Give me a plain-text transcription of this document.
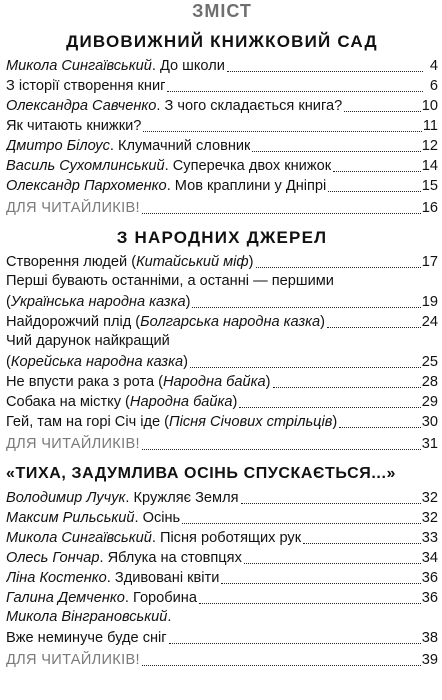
ЗМІСТ
ДИВОВИЖНИЙ КНИЖКОВИЙ САД
Микола Сингаївський. До школи	4
З історії створення книг	6
Олександра Савченко. З чого складається книга?	10
Як читають книжки?	11
Дмитро Білоус. Клумачний словник	12
Василь Сухомлинський. Суперечка двох книжок	14
Олександр Пархоменко. Мов краплини у Дніпрі	15
ДЛЯ ЧИТАЙЛИКІВ!	16
З НАРОДНИХ ДЖЕРЕЛ
Створення людей (Китайський міф)	17
Перші бувають останніми, а останні — першими
(Українська народна казка)	19
Найдорожчий плід (Болгарська народна казка)	24
Чий дарунок найкращий
(Корейська народна казка)	25
Не впусти рака з рота (Народна байка)	28
Собака на містку (Народна байка)	29
Гей, там на горі Січ іде (Пісня Січових стрільців)	30
ДЛЯ ЧИТАЙЛИКІВ!	31
«ТИХА, ЗАДУМЛИВА ОСІНЬ СПУСКАЄТЬСЯ...»
Володимир Лучук. Кружляє Земля	32
Максим Рильський. Осінь	32
Микола Сингаївський. Пісня роботящих рук	33
Олесь Гончар. Яблука на стовпцях	34
Ліна Костенко. Здивовані квіти	36
Галина Демченко. Горобина	36
Микола Вінграновський.
Вже неминуче буде сніг	38
ДЛЯ ЧИТАЙЛИКІВ!	39
